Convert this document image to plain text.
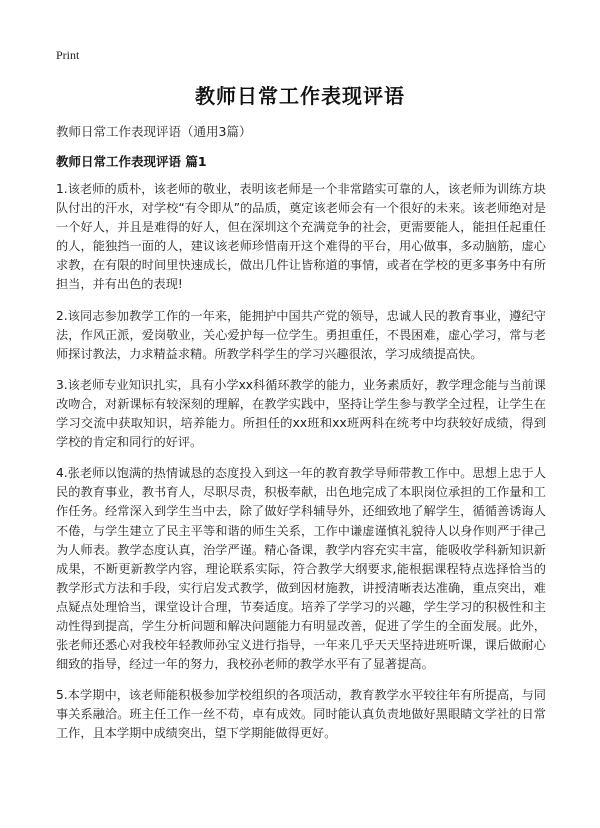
Print
教师日常工作表现评语
教师日常工作表现评语（通用3篇）
教师日常工作表现评语 篇1

1.该老师的质朴，该老师的敬业，表明该老师是一个非常踏实可靠的人，该老师为训练方块队付出的汗水，对学校“有令即从”的品质，奠定该老师会有一个很好的未来。该老师绝对是一个好人，并且是难得的好人，但在深圳这个充满竞争的社会，更需要能人，能担任起重任的人，能独挡一面的人，建议该老师珍惜南开这个难得的平台，用心做事，多动脑筋，虚心求教，在有限的时间里快速成长，做出几件让皆称道的事情，或者在学校的更多事务中有所担当，并有出色的表现!

2.该同志参加教学工作的一年来，能拥护中国共产党的领导，忠诚人民的教育事业，遵纪守法，作风正派，爱岗敬业，关心爱护每一位学生。勇担重任，不畏困难，虚心学习，常与老师探讨教法，力求精益求精。所教学科学生的学习兴趣很浓，学习成绩提高快。

3.该老师专业知识扎实，具有小学xx科循环教学的能力，业务素质好，教学理念能与当前课改吻合，对新课标有较深刻的理解，在教学实践中，坚持让学生参与教学全过程，让学生在学习交流中获取知识，培养能力。所担任的xx班和xx班两科在统考中均获较好成绩，得到学校的肯定和同行的好评。

4.张老师以饱满的热情诚恳的态度投入到这一年的教育教学导师带教工作中。思想上忠于人民的教育事业，教书育人，尽职尽责，积极奉献，出色地完成了本职岗位承担的工作量和工作任务。经常深入到学生当中去，除了做好学科辅导外，还细致地了解学生，循循善诱诲人不倦，与学生建立了民主平等和谐的师生关系，工作中谦虚谨慎礼貌待人以身作则严于律己为人师表。教学态度认真，治学严谨。精心备课，教学内容充实丰富，能吸收学科新知识新成果，不断更新教学内容，理论联系实际，符合教学大纲要求,能根据课程特点选择恰当的教学形式方法和手段，实行启发式教学，做到因材施教，讲授清晰表达准确，重点突出，难点疑点处理恰当，课堂设计合理，节奏适度。培养了学学习的兴趣，学生学习的积极性和主动性得到提高，学生分析问题和解决问题能力有明显改善，促进了学生的全面发展。此外，张老师还悉心对我校年轻教师孙宝义进行指导，一年来几乎天天坚持进班听课，课后做耐心细致的指导，经过一年的努力，我校孙老师的教学水平有了显著提高。

5.本学期中，该老师能积极参加学校组织的各项活动，教育教学水平较往年有所提高，与同事关系融洽。班主任工作一丝不苟，卓有成效。同时能认真负责地做好黑眼睛文学社的日常工作，且本学期中成绩突出，望下学期能做得更好。
